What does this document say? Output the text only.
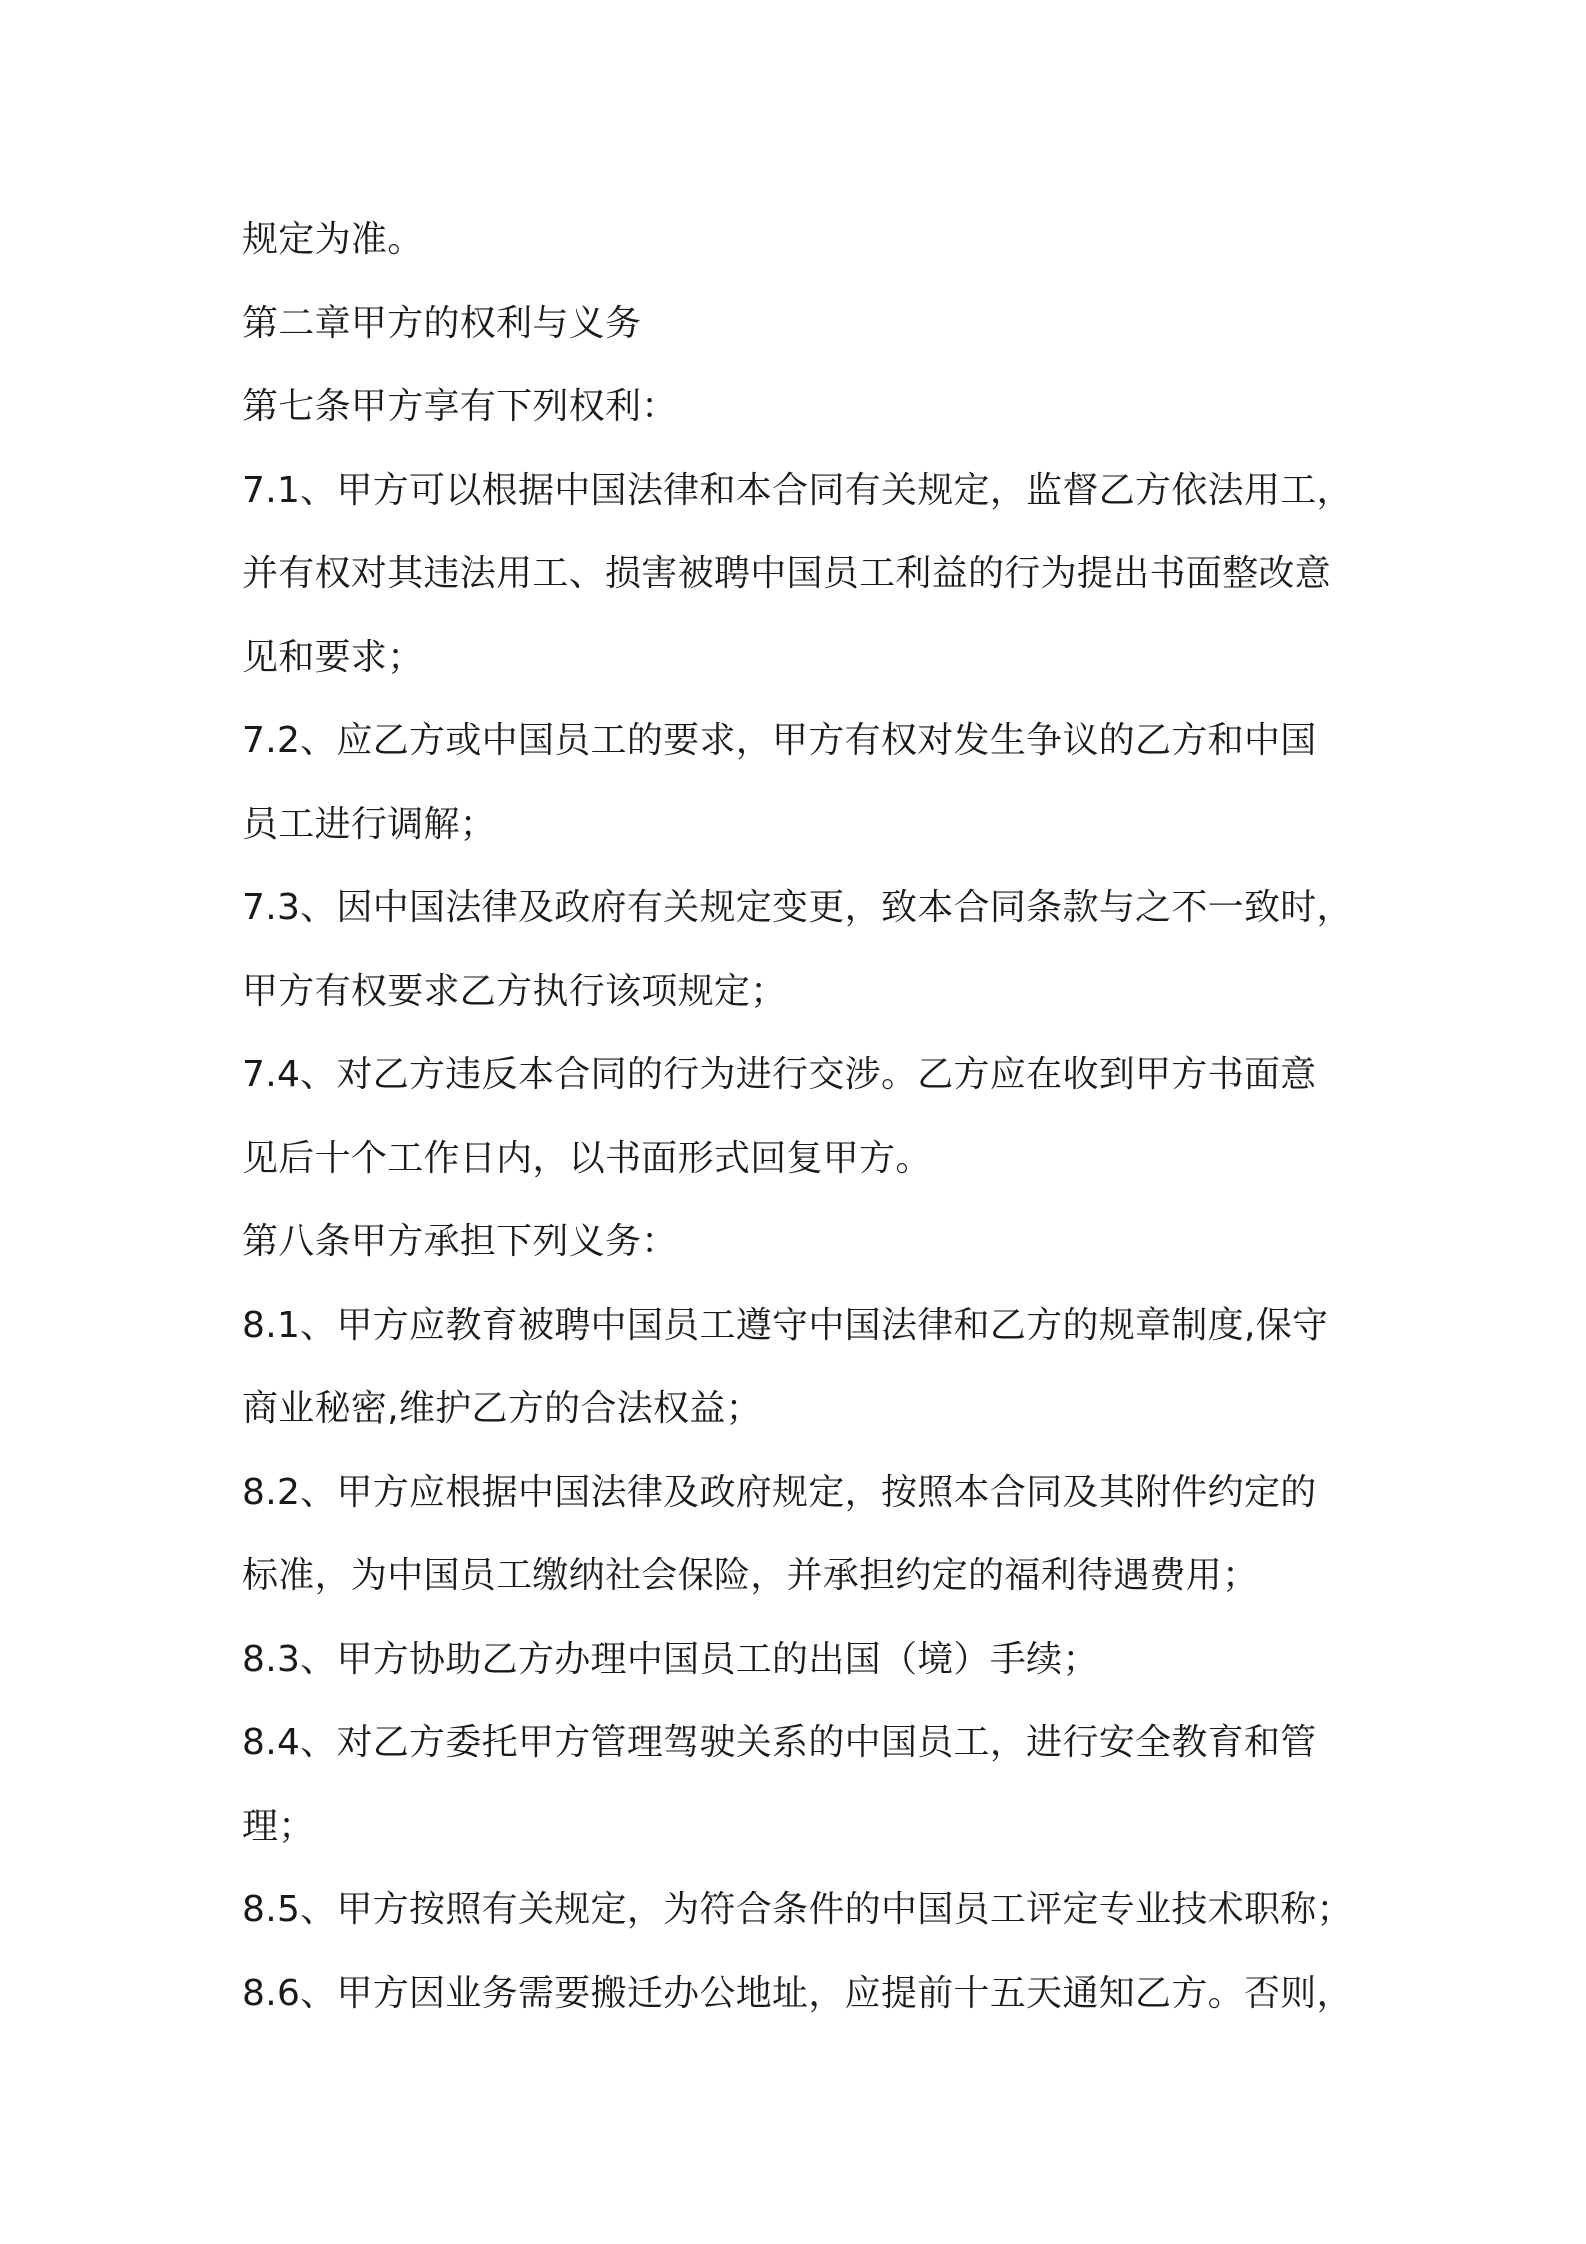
规定为准。
第二章甲方的权利与义务
第七条甲方享有下列权利：
7.1、甲方可以根据中国法律和本合同有关规定，监督乙方依法用工，
并有权对其违法用工、损害被聘中国员工利益的行为提出书面整改意
见和要求；
7.2、应乙方或中国员工的要求，甲方有权对发生争议的乙方和中国
员工进行调解；
7.3、因中国法律及政府有关规定变更，致本合同条款与之不一致时，
甲方有权要求乙方执行该项规定；
7.4、对乙方违反本合同的行为进行交涉。乙方应在收到甲方书面意
见后十个工作日内，以书面形式回复甲方。
第八条甲方承担下列义务：
8.1、甲方应教育被聘中国员工遵守中国法律和乙方的规章制度,保守
商业秘密,维护乙方的合法权益；
8.2、甲方应根据中国法律及政府规定，按照本合同及其附件约定的
标准，为中国员工缴纳社会保险，并承担约定的福利待遇费用；
8.3、甲方协助乙方办理中国员工的出国（境）手续；
8.4、对乙方委托甲方管理驾驶关系的中国员工，进行安全教育和管
理；
8.5、甲方按照有关规定，为符合条件的中国员工评定专业技术职称；
8.6、甲方因业务需要搬迁办公地址，应提前十五天通知乙方。否则，
